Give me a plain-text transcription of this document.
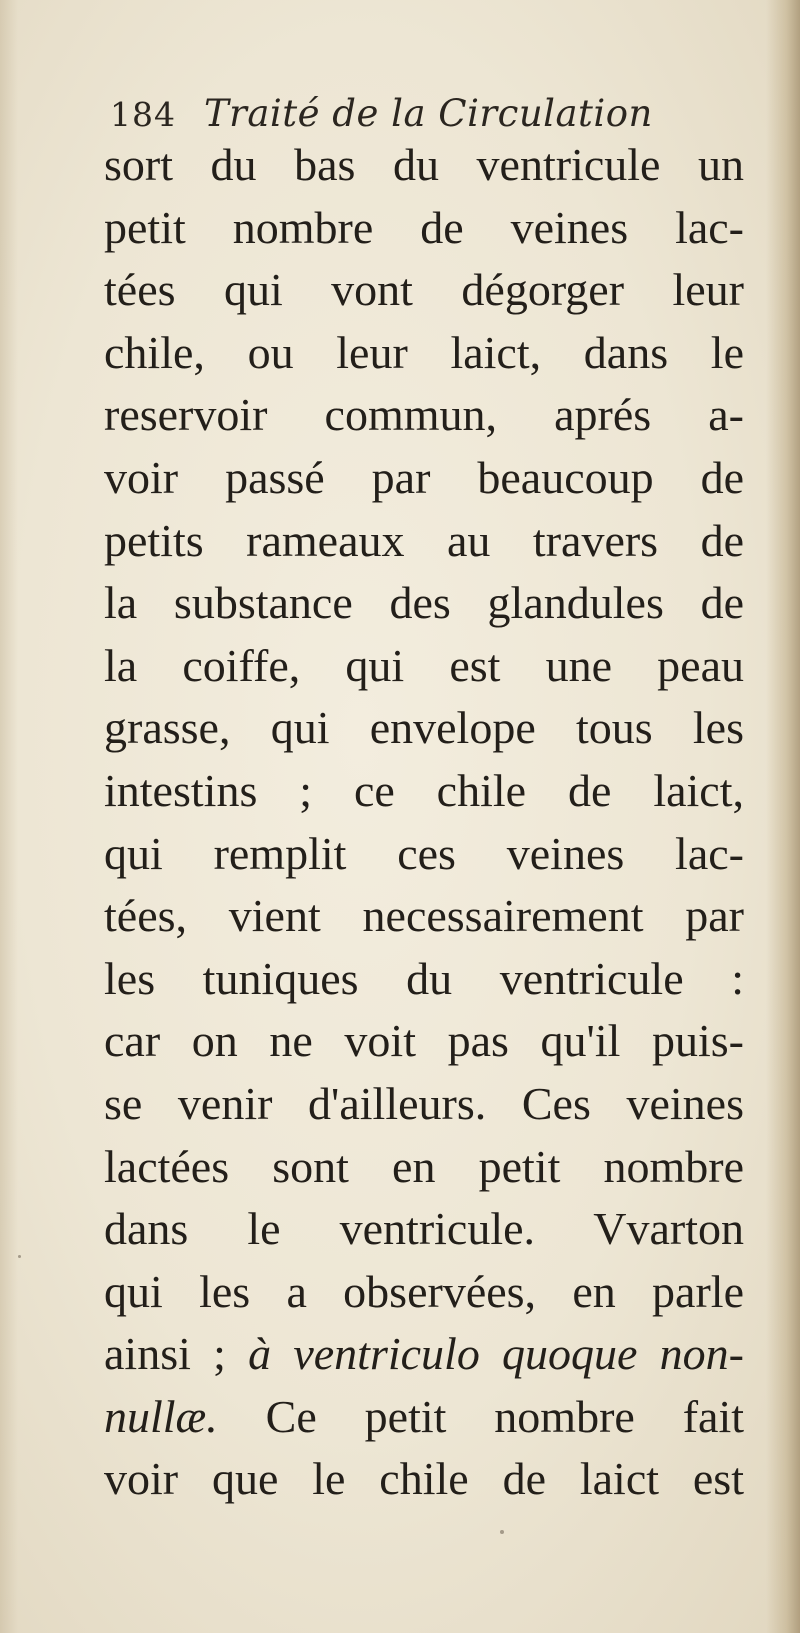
184 Traité de la Circulation
sort du bas du ventricule un
petit nombre de veines lac-
tées qui vont dégorger leur
chile, ou leur laict, dans le
reservoir commun, aprés a-
voir passé par beaucoup de
petits rameaux au travers de
la substance des glandules de
la coiffe, qui est une peau
grasse, qui envelope tous les
intestins ; ce chile de laict,
qui remplit ces veines lac-
tées, vient necessairement par
les tuniques du ventricule :
car on ne voit pas qu'il puis-
se venir d'ailleurs. Ces veines
lactées sont en petit nombre
dans le ventricule. Vvarton
qui les a observées, en parle
ainsi ; à ventriculo quoque non-
nullæ. Ce petit nombre fait
voir que le chile de laict est
